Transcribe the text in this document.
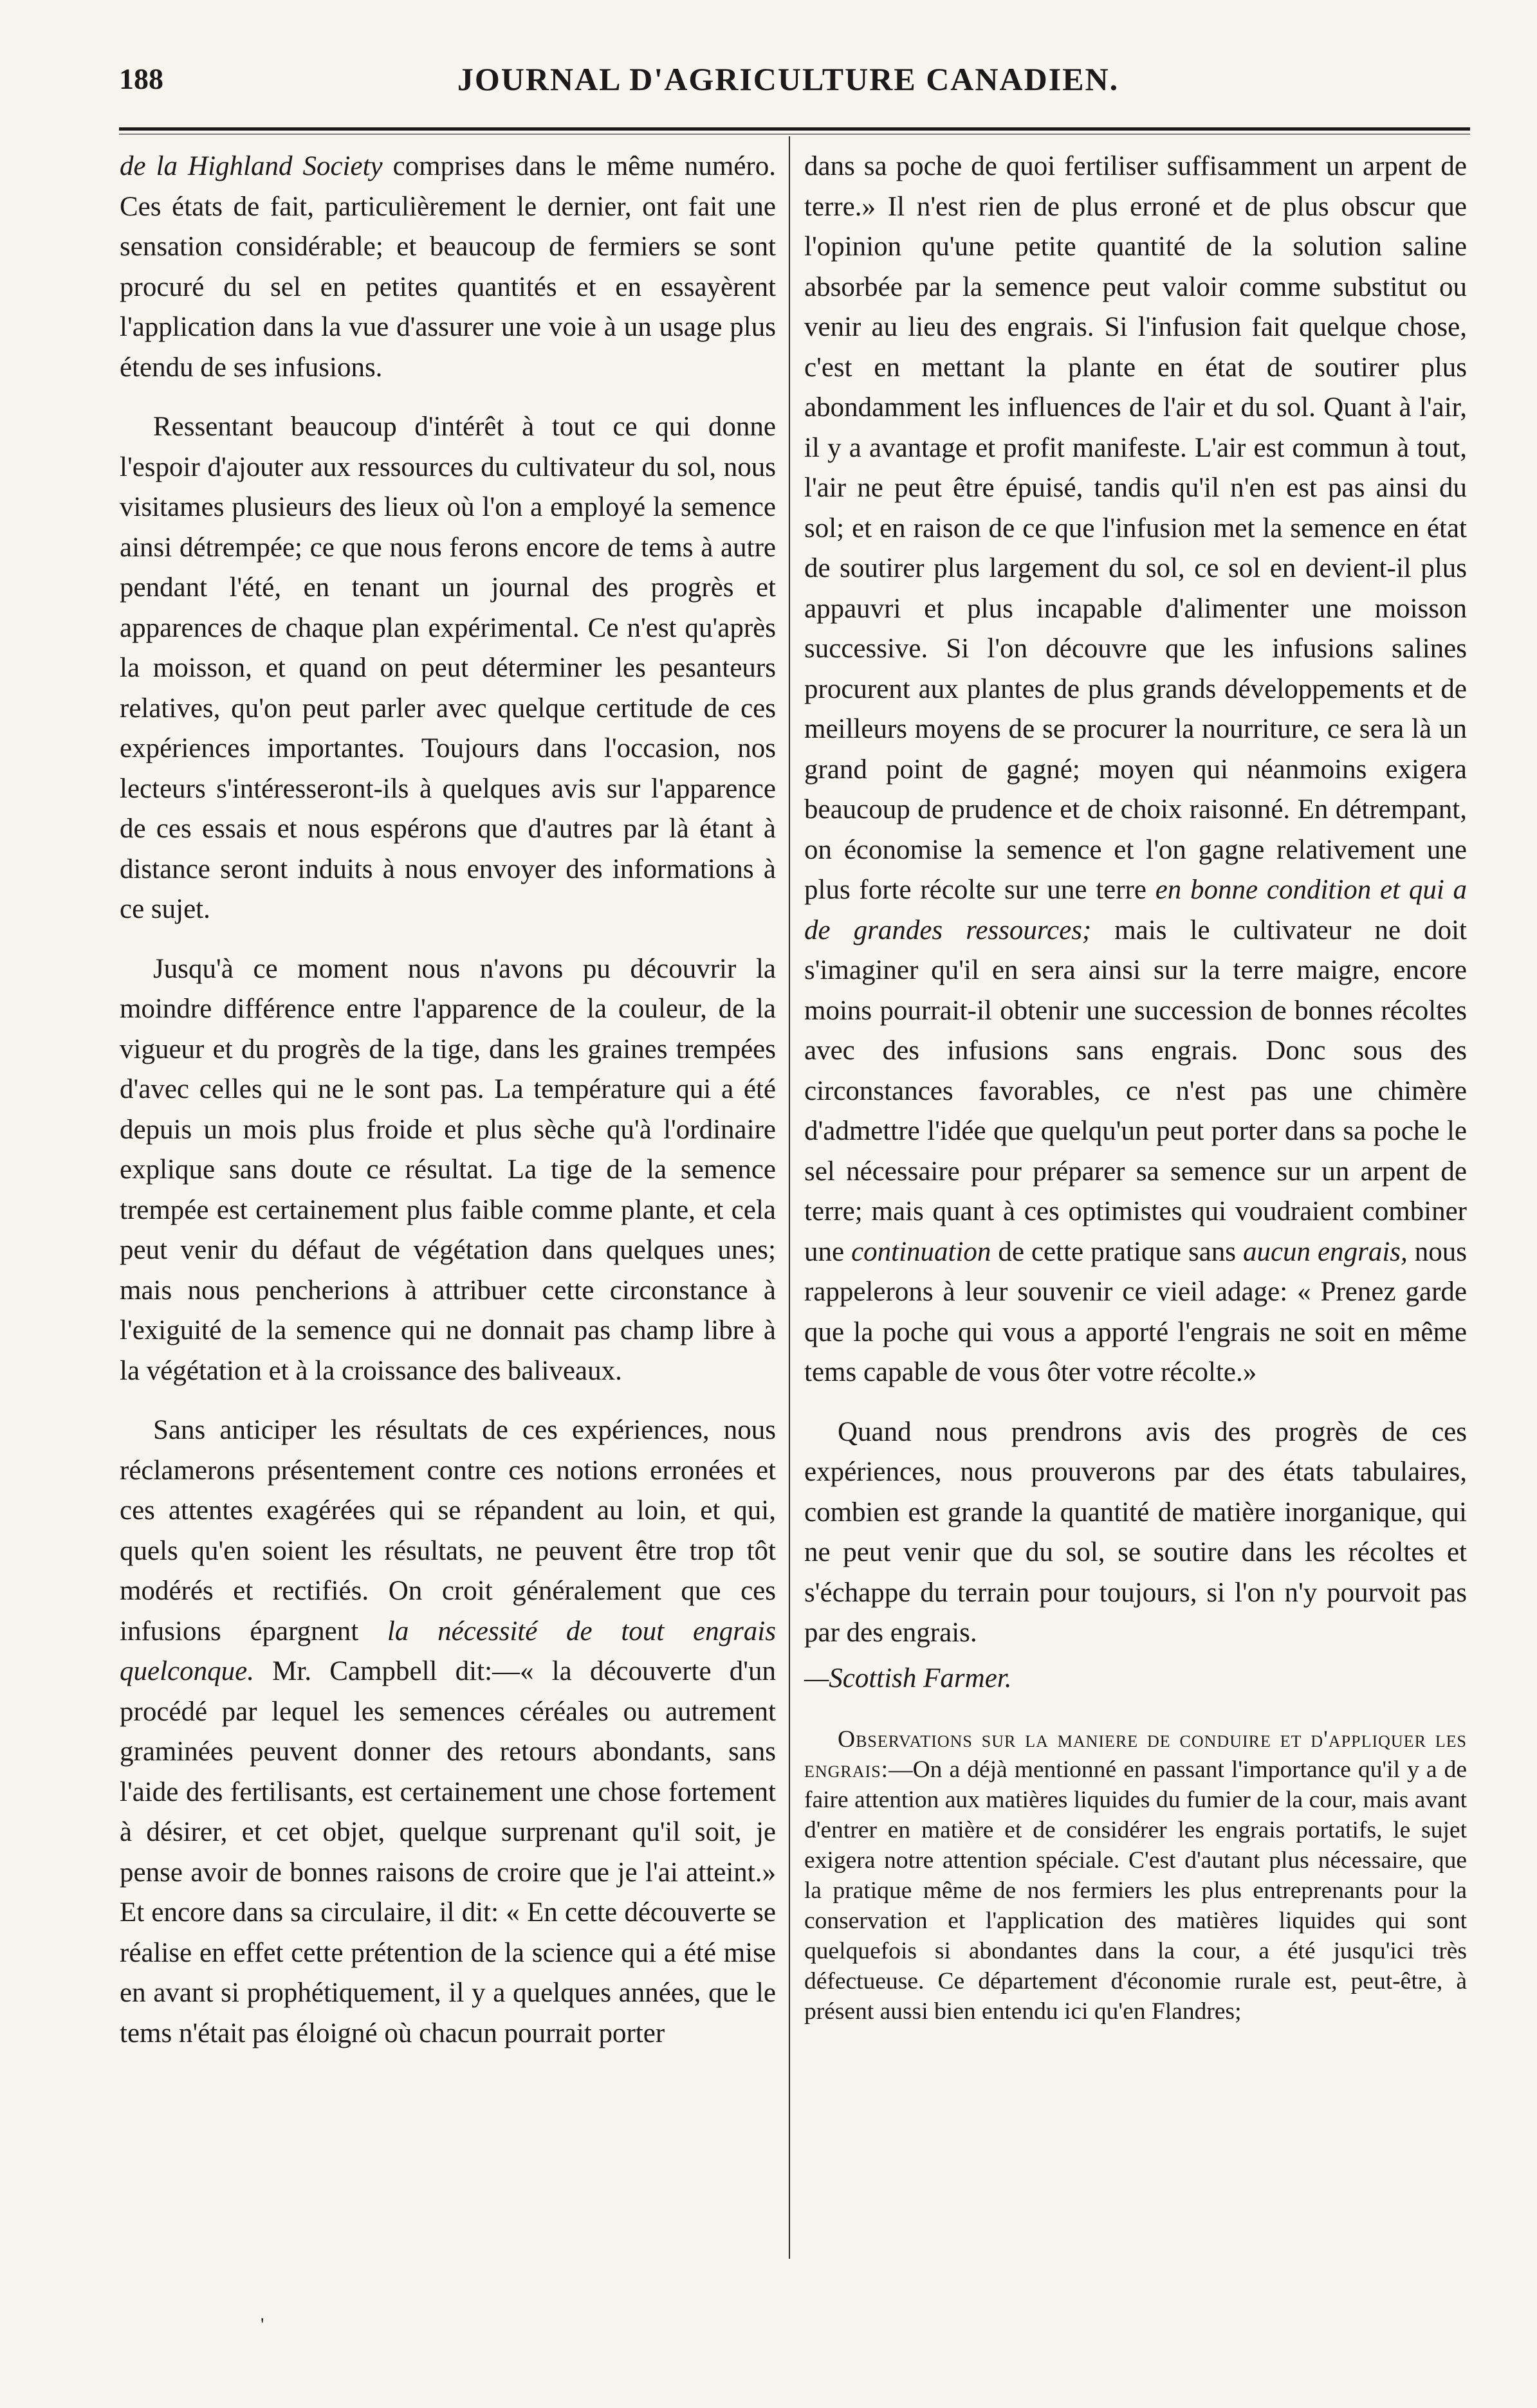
188	JOURNAL D'AGRICULTURE CANADIEN.

de la Highland Society comprises dans le même numéro. Ces états de fait, particulièrement le dernier, ont fait une sensation considérable; et beaucoup de fermiers se sont procuré du sel en petites quantités et en essayèrent l'application dans la vue d'assurer une voie à un usage plus étendu de ses infusions.

Ressentant beaucoup d'intérêt à tout ce qui donne l'espoir d'ajouter aux ressources du cultivateur du sol, nous visitames plusieurs des lieux où l'on a employé la semence ainsi détrempée; ce que nous ferons encore de tems à autre pendant l'été, en tenant un journal des progrès et apparences de chaque plan expérimental. Ce n'est qu'après la moisson, et quand on peut déterminer les pesanteurs relatives, qu'on peut parler avec quelque certitude de ces expériences importantes. Toujours dans l'occasion, nos lecteurs s'intéresseront-ils à quelques avis sur l'apparence de ces essais et nous espérons que d'autres par là étant à distance seront induits à nous envoyer des informations à ce sujet.

Jusqu'à ce moment nous n'avons pu découvrir la moindre différence entre l'apparence de la couleur, de la vigueur et du progrès de la tige, dans les graines trempées d'avec celles qui ne le sont pas. La température qui a été depuis un mois plus froide et plus sèche qu'à l'ordinaire explique sans doute ce résultat. La tige de la semence trempée est certainement plus faible comme plante, et cela peut venir du défaut de végétation dans quelques unes; mais nous pencherions à attribuer cette circonstance à l'exiguité de la semence qui ne donnait pas champ libre à la végétation et à la croissance des baliveaux.

Sans anticiper les résultats de ces expériences, nous réclamerons présentement contre ces notions erronées et ces attentes exagérées qui se répandent au loin, et qui, quels qu'en soient les résultats, ne peuvent être trop tôt modérés et rectifiés. On croit généralement que ces infusions épargnent la nécessité de tout engrais quelconque. Mr. Campbell dit:—« la découverte d'un procédé par lequel les semences céréales ou autrement graminées peuvent donner des retours abondants, sans l'aide des fertilisants, est certainement une chose fortement à désirer, et cet objet, quelque surprenant qu'il soit, je pense avoir de bonnes raisons de croire que je l'ai atteint.» Et encore dans sa circulaire, il dit: « En cette découverte se réalise en effet cette prétention de la science qui a été mise en avant si prophétiquement, il y a quelques années, que le tems n'était pas éloigné où chacun pourrait porter

dans sa poche de quoi fertiliser suffisamment un arpent de terre.» Il n'est rien de plus erroné et de plus obscur que l'opinion qu'une petite quantité de la solution saline absorbée par la semence peut valoir comme substitut ou venir au lieu des engrais. Si l'infusion fait quelque chose, c'est en mettant la plante en état de soutirer plus abondamment les influences de l'air et du sol. Quant à l'air, il y a avantage et profit manifeste. L'air est commun à tout, l'air ne peut être épuisé, tandis qu'il n'en est pas ainsi du sol; et en raison de ce que l'infusion met la semence en état de soutirer plus largement du sol, ce sol en devient-il plus appauvri et plus incapable d'alimenter une moisson successive. Si l'on découvre que les infusions salines procurent aux plantes de plus grands développements et de meilleurs moyens de se procurer la nourriture, ce sera là un grand point de gagné; moyen qui néanmoins exigera beaucoup de prudence et de choix raisonné. En détrempant, on économise la semence et l'on gagne relativement une plus forte récolte sur une terre en bonne condition et qui a de grandes ressources; mais le cultivateur ne doit s'imaginer qu'il en sera ainsi sur la terre maigre, encore moins pourrait-il obtenir une succession de bonnes récoltes avec des infusions sans engrais. Donc sous des circonstances favorables, ce n'est pas une chimère d'admettre l'idée que quelqu'un peut porter dans sa poche le sel nécessaire pour préparer sa semence sur un arpent de terre; mais quant à ces optimistes qui voudraient combiner une continuation de cette pratique sans aucun engrais, nous rappelerons à leur souvenir ce vieil adage: « Prenez garde que la poche qui vous a apporté l'engrais ne soit en même tems capable de vous ôter votre récolte.»

Quand nous prendrons avis des progrès de ces expériences, nous prouverons par des états tabulaires, combien est grande la quantité de matière inorganique, qui ne peut venir que du sol, se soutire dans les récoltes et s'échappe du terrain pour toujours, si l'on n'y pourvoit pas par des engrais.

—Scottish Farmer.

Observations sur la maniere de conduire et d'appliquer les engrais:—On a déjà mentionné en passant l'importance qu'il y a de faire attention aux matières liquides du fumier de la cour, mais avant d'entrer en matière et de considérer les engrais portatifs, le sujet exigera notre attention spéciale. C'est d'autant plus nécessaire, que la pratique même de nos fermiers les plus entreprenants pour la conservation et l'application des matières liquides qui sont quelquefois si abondantes dans la cour, a été jusqu'ici très défectueuse. Ce département d'économie rurale est, peut-être, à présent aussi bien entendu ici qu'en Flandres;

'
